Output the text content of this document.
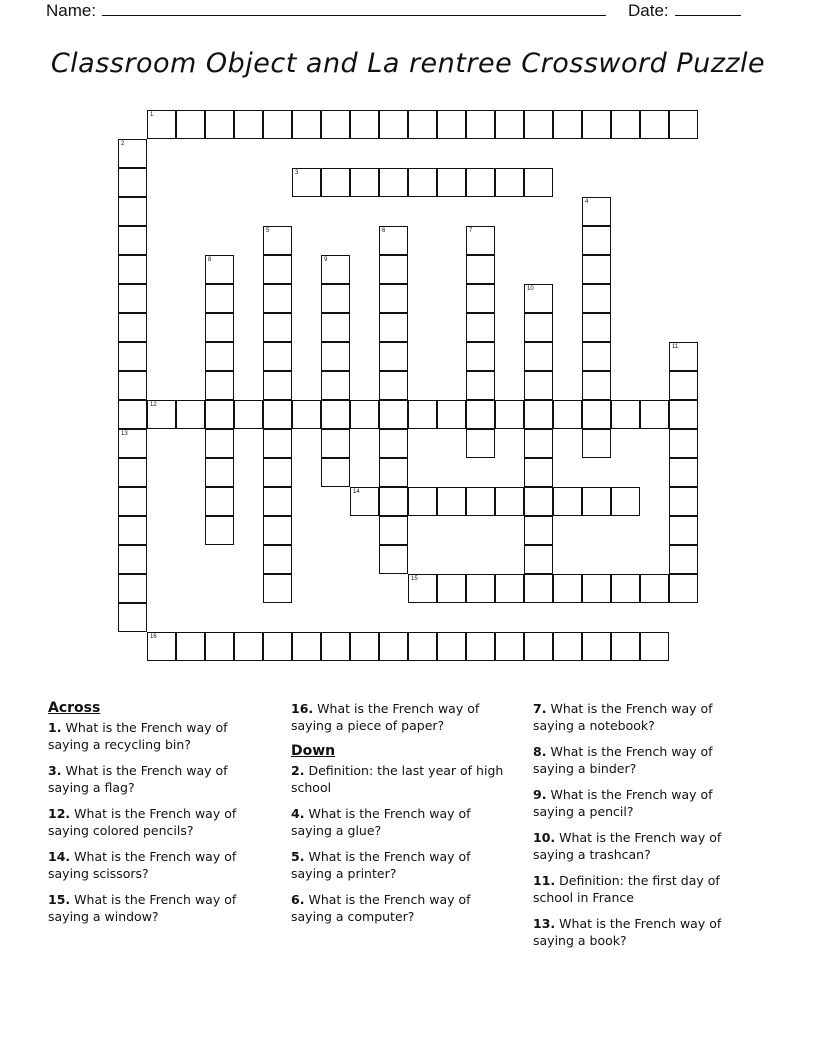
Name:	Date:
Classroom Object and La rentree Crossword Puzzle
1
2
13
3
4
5	6	7
8	9
10
11
12
14
15
16
Across
1. What is the French way of saying a recycling bin?
3. What is the French way of saying a flag?
12. What is the French way of saying colored pencils?
14. What is the French way of saying scissors?
15. What is the French way of saying a window?
16. What is the French way of saying a piece of paper?
Down
2. Definition: the last year of high school
4. What is the French way of saying a glue?
5. What is the French way of saying a printer?
6. What is the French way of saying a computer?
7. What is the French way of saying a notebook?
8. What is the French way of saying a binder?
9. What is the French way of saying a pencil?
10. What is the French way of saying a trashcan?
11. Definition: the first day of school in France
13. What is the French way of saying a book?
